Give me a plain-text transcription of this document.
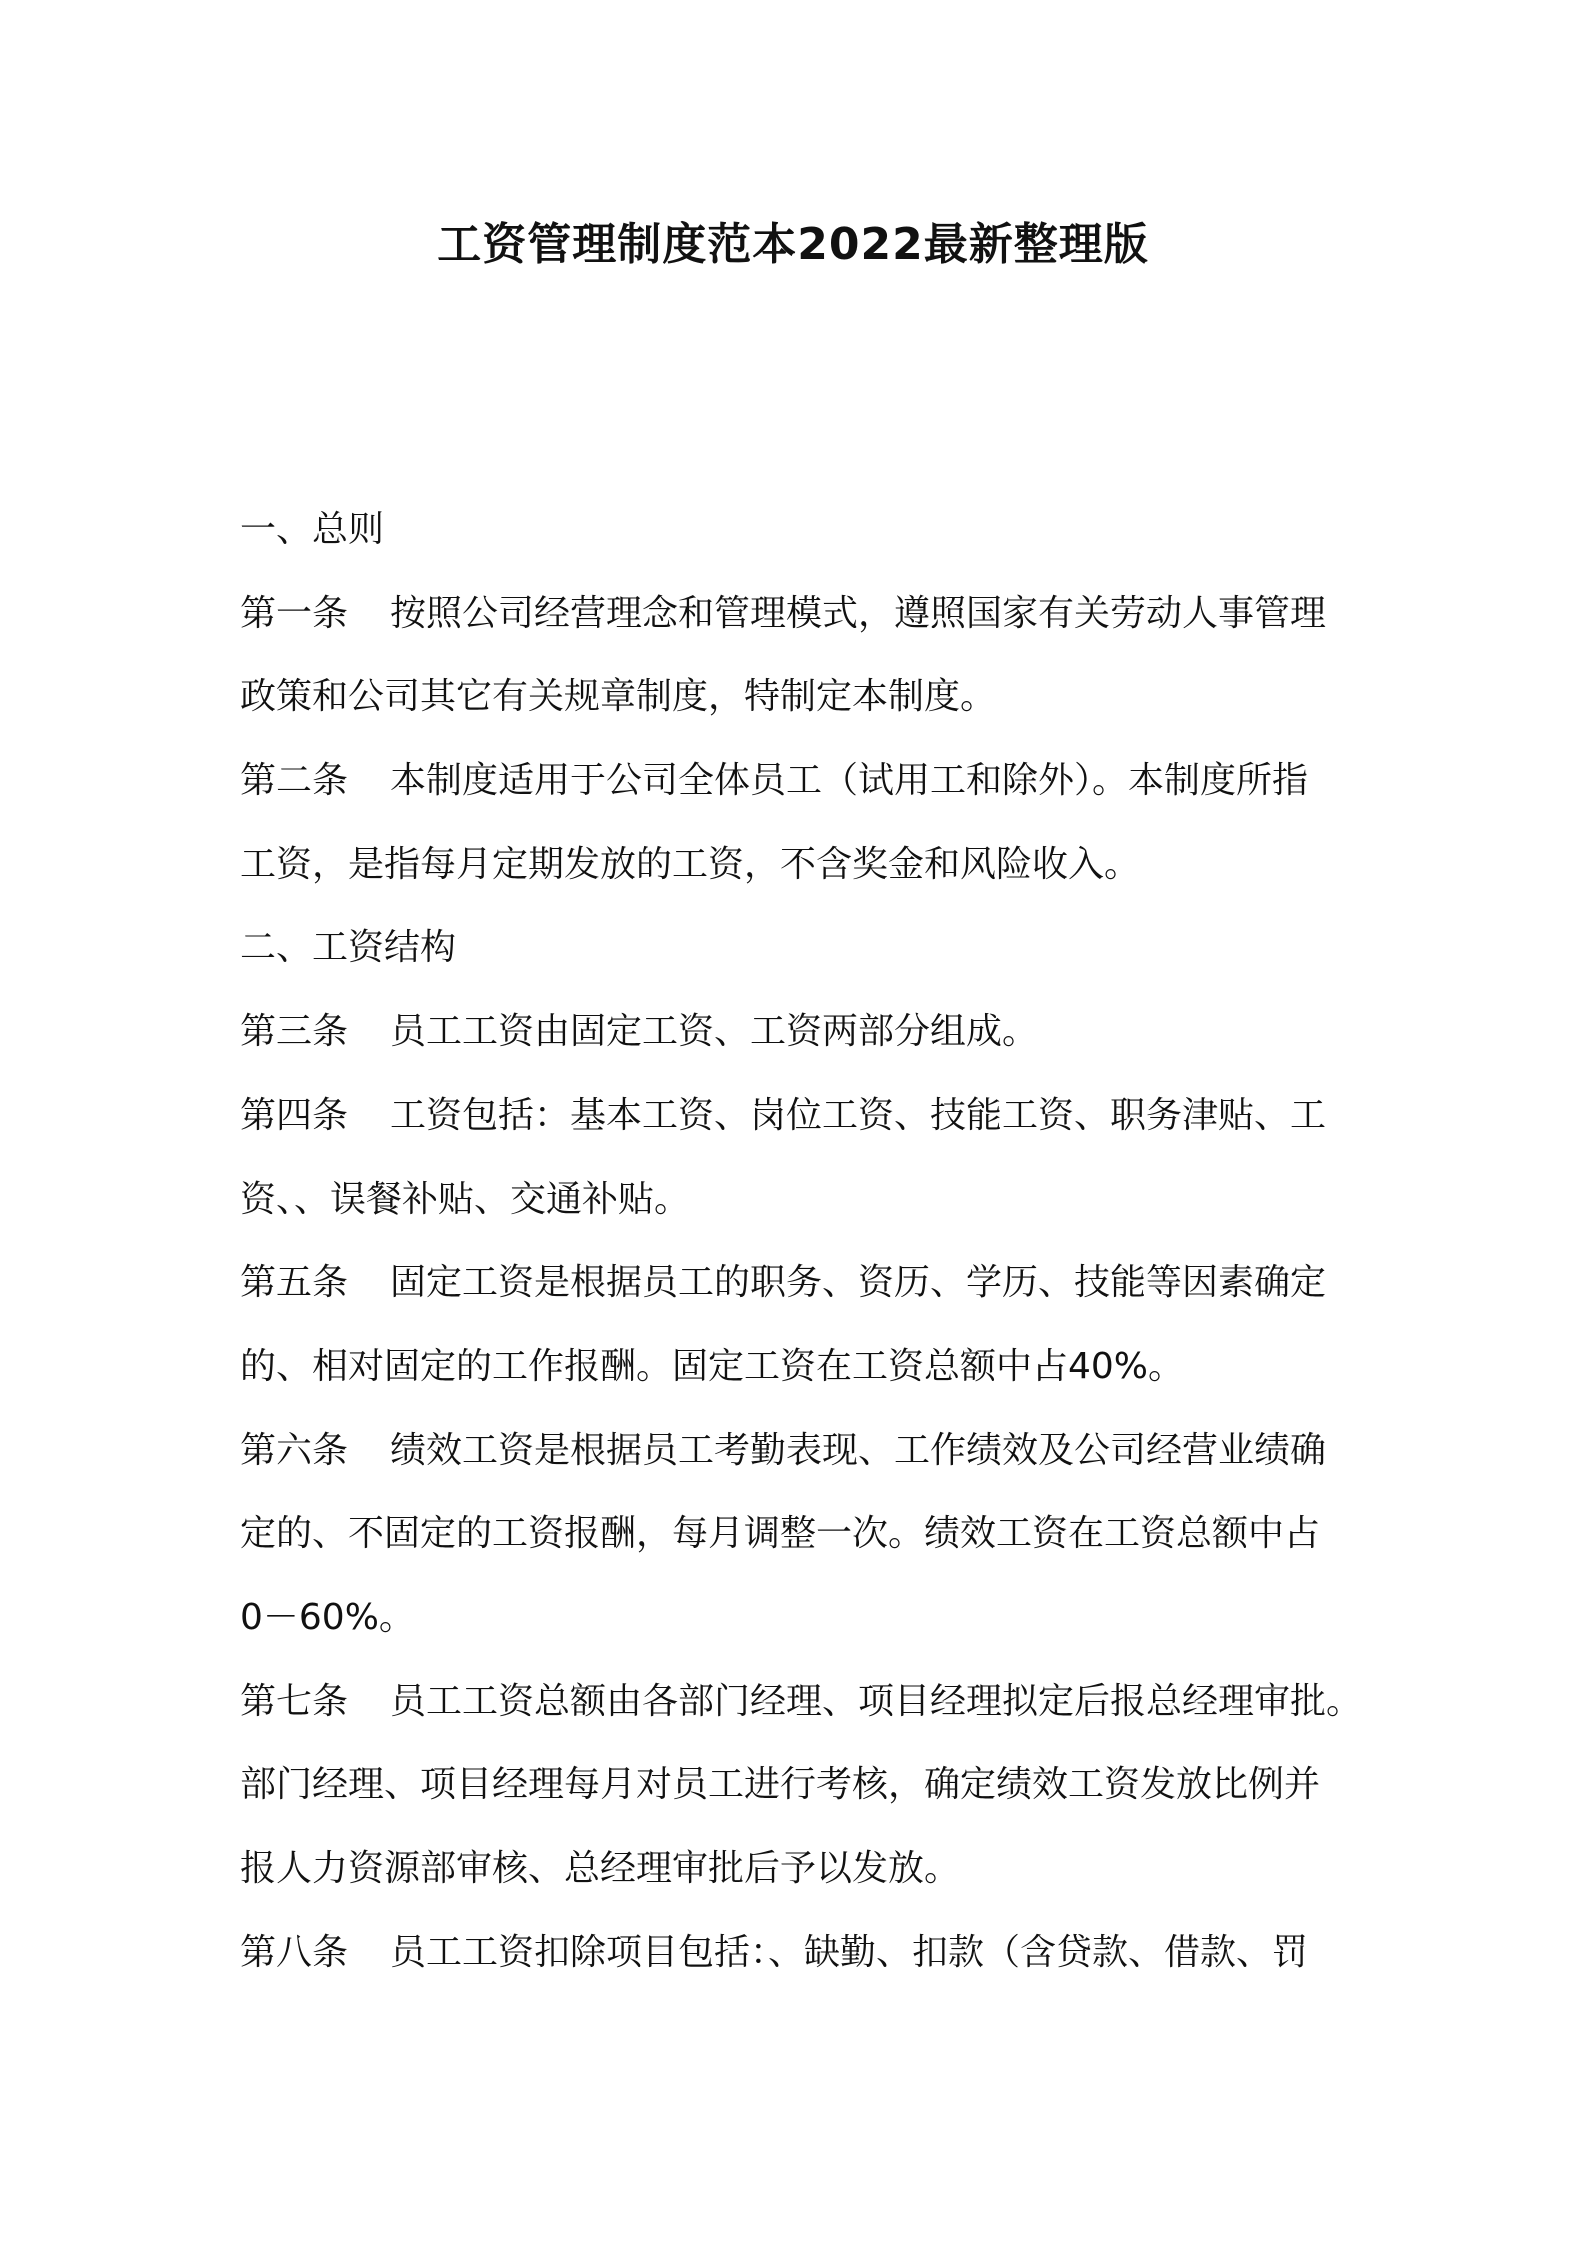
工资管理制度范本2022最新整理版
一、总则
第一条 按照公司经营理念和管理模式，遵照国家有关劳动人事管理
政策和公司其它有关规章制度，特制定本制度。
第二条 本制度适用于公司全体员工（试用工和除外）。本制度所指
工资，是指每月定期发放的工资，不含奖金和风险收入。
二、工资结构
第三条 员工工资由固定工资、工资两部分组成。
第四条 工资包括：基本工资、岗位工资、技能工资、职务津贴、工
资、、误餐补贴、交通补贴。
第五条 固定工资是根据员工的职务、资历、学历、技能等因素确定
的、相对固定的工作报酬。固定工资在工资总额中占40%。
第六条 绩效工资是根据员工考勤表现、工作绩效及公司经营业绩确
定的、不固定的工资报酬，每月调整一次。绩效工资在工资总额中占
0－60%。
第七条 员工工资总额由各部门经理、项目经理拟定后报总经理审批。
部门经理、项目经理每月对员工进行考核，确定绩效工资发放比例并
报人力资源部审核、总经理审批后予以发放。
第八条 员工工资扣除项目包括：、缺勤、扣款（含贷款、借款、罚
